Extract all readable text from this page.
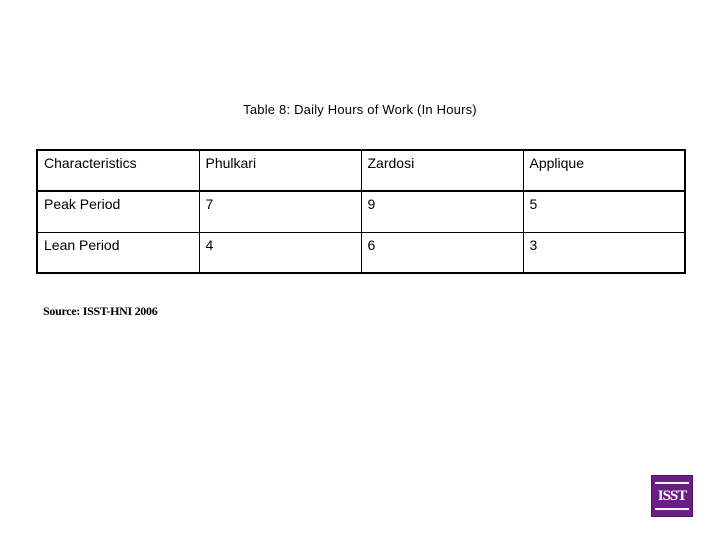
Table 8: Daily Hours of Work (In Hours)
Characteristics	Phulkari	Zardosi	Applique
Peak Period	7	9	5
Lean Period	4	6	3
Source: ISST-HNI 2006
ISST
